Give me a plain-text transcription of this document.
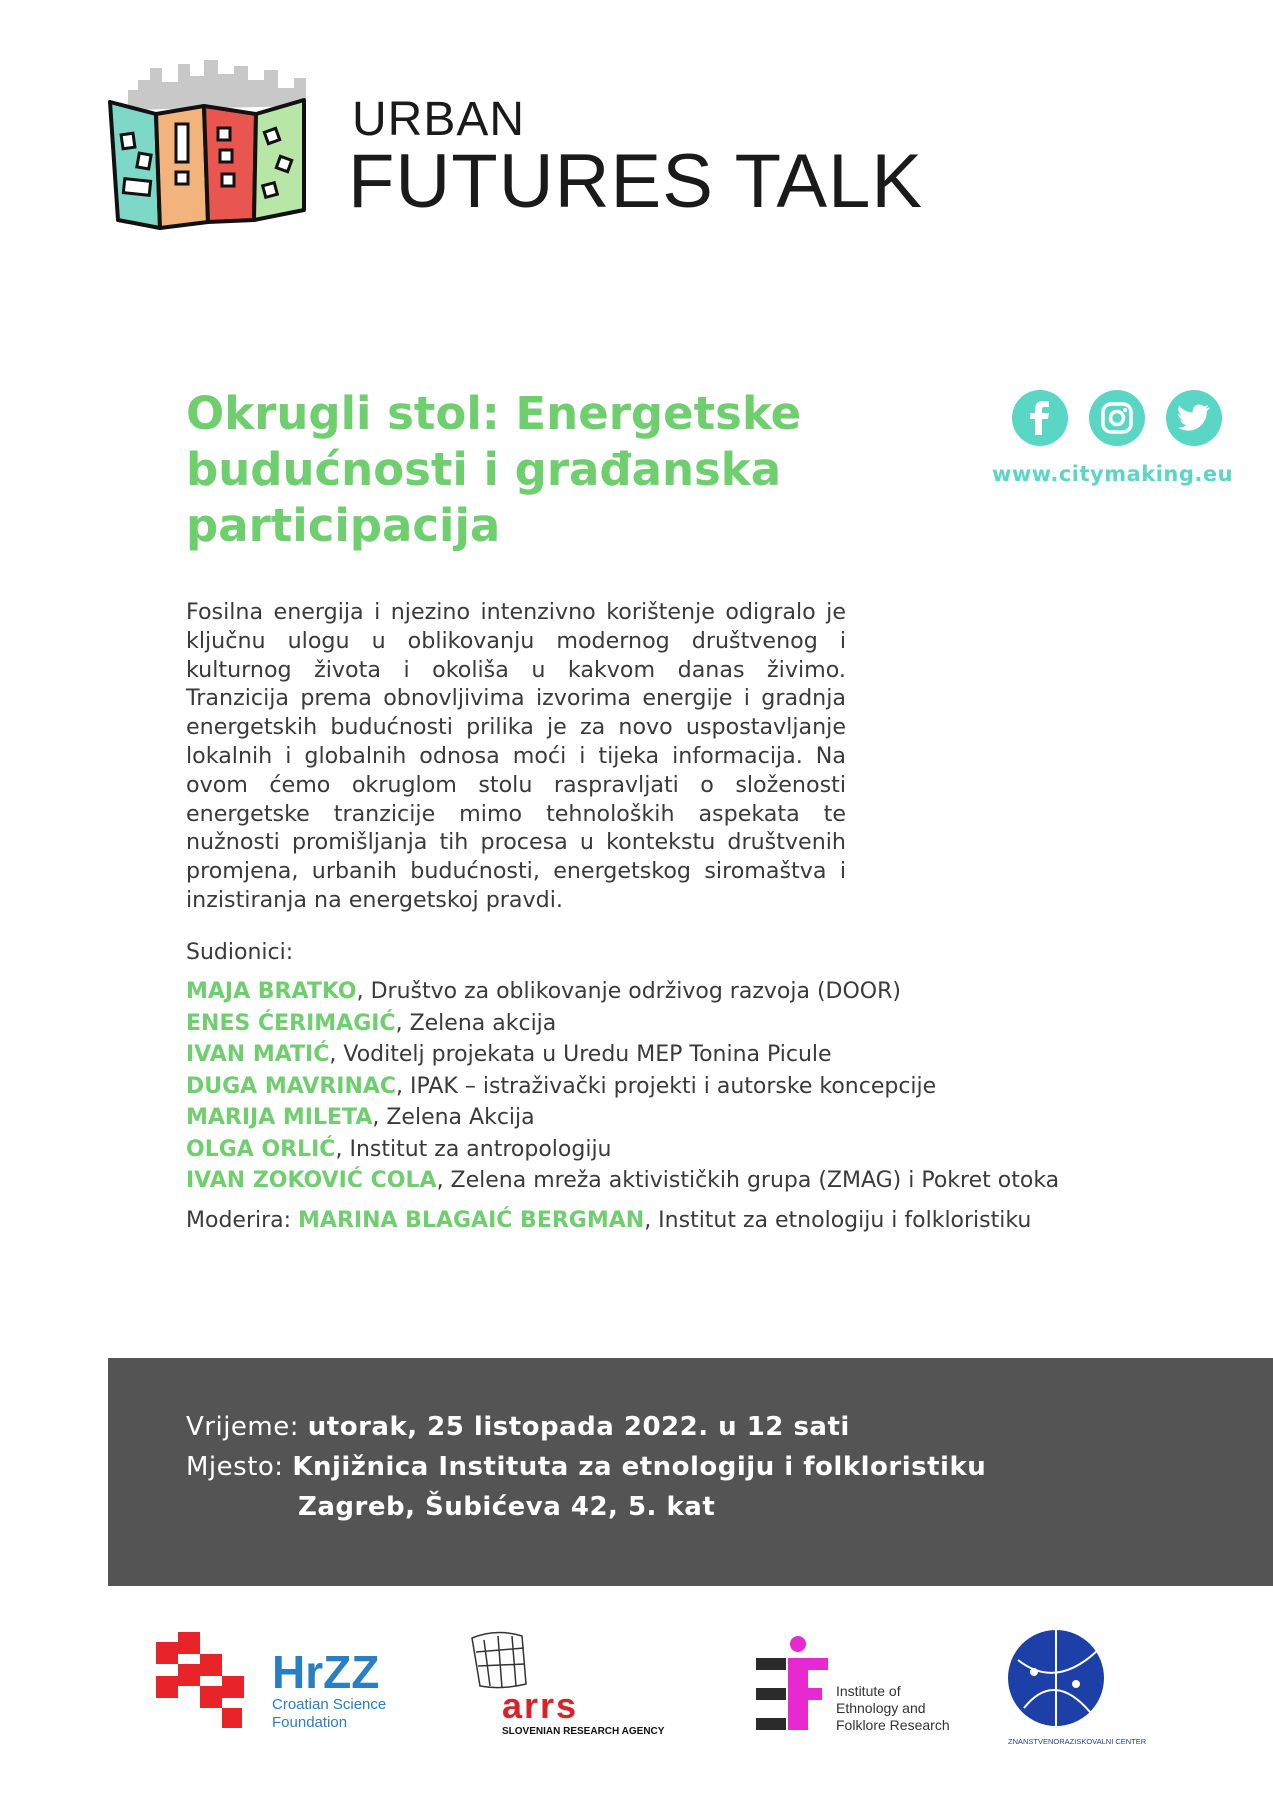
URBAN
FUTURES TALK
www.citymaking.eu
Okrugli stol: Energetske budućnosti i građanska participacija

Fosilna energija i njezino intenzivno korištenje odigralo je ključnu ulogu u oblikovanju modernog društvenog i kulturnog života i okoliša u kakvom danas živimo. Tranzicija prema obnovljivima izvorima energije i gradnja energetskih budućnosti prilika je za novo uspostavljanje lokalnih i globalnih odnosa moći i tijeka informacija. Na ovom ćemo okruglom stolu raspravljati o složenosti energetske tranzicije mimo tehnoloških aspekata te nužnosti promišljanja tih procesa u kontekstu društvenih promjena, urbanih budućnosti, energetskog siromaštva i inzistiranja na energetskoj pravdi.

Sudionici:
MAJA BRATKO, Društvo za oblikovanje održivog razvoja (DOOR)
ENES ĆERIMAGIĆ, Zelena akcija
IVAN MATIĆ, Voditelj projekata u Uredu MEP Tonina Picule
DUGA MAVRINAC, IPAK – istraživački projekti i autorske koncepcije
MARIJA MILETA, Zelena Akcija
OLGA ORLIĆ, Institut za antropologiju
IVAN ZOKOVIĆ COLA, Zelena mreža aktivističkih grupa (ZMAG) i Pokret otoka
Moderira: MARINA BLAGAIĆ BERGMAN, Institut za etnologiju i folkloristiku
Vrijeme: utorak, 25 listopada 2022. u 12 sati
Mjesto: Knjižnica Instituta za etnologiju i folkloristiku
Zagreb, Šubićeva 42, 5. kat
HrZZ
Croatian Science
Foundation	arrs
SLOVENIAN RESEARCH AGENCY
Institute of
Ethnology and
Folklore Research
ZNANSTVENORAZISKOVALNI CENTER
